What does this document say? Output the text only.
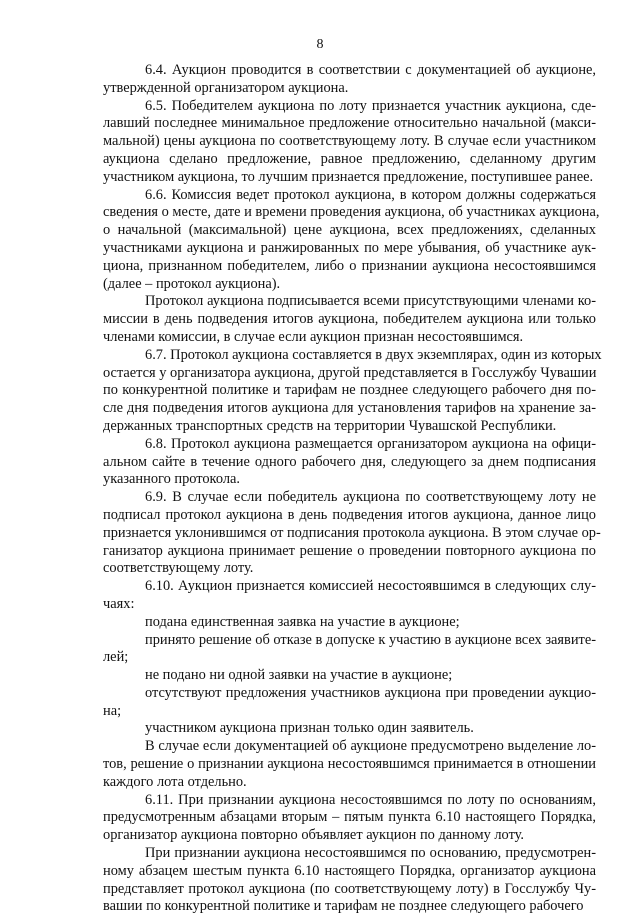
8
6.4. Аукцион проводится в соответствии с документацией об аукционе,
утвержденной организатором аукциона.
6.5. Победителем аукциона по лоту признается участник аукциона, сде-
лавший последнее минимальное предложение относительно начальной (макси-
мальной) цены аукциона по соответствующему лоту. В случае если участником
аукциона сделано предложение, равное предложению, сделанному другим
участником аукциона, то лучшим признается предложение, поступившее ранее.
6.6. Комиссия ведет протокол аукциона, в котором должны содержаться
сведения о месте, дате и времени проведения аукциона, об участниках аукциона,
о начальной (максимальной) цене аукциона, всех предложениях, сделанных
участниками аукциона и ранжированных по мере убывания, об участнике аук-
циона, признанном победителем, либо о признании аукциона несостоявшимся
(далее – протокол аукциона).
Протокол аукциона подписывается всеми присутствующими членами ко-
миссии в день подведения итогов аукциона, победителем аукциона или только
членами комиссии, в случае если аукцион признан несостоявшимся.
6.7. Протокол аукциона составляется в двух экземплярах, один из которых
остается у организатора аукциона, другой представляется в Госслужбу Чувашии
по конкурентной политике и тарифам не позднее следующего рабочего дня по-
сле дня подведения итогов аукциона для установления тарифов на хранение за-
держанных транспортных средств на территории Чувашской Республики.
6.8. Протокол аукциона размещается организатором аукциона на офици-
альном сайте в течение одного рабочего дня, следующего за днем подписания
указанного протокола.
6.9. В случае если победитель аукциона по соответствующему лоту не
подписал протокол аукциона в день подведения итогов аукциона, данное лицо
признается уклонившимся от подписания протокола аукциона. В этом случае ор-
ганизатор аукциона принимает решение о проведении повторного аукциона по
соответствующему лоту.
6.10. Аукцион признается комиссией несостоявшимся в следующих слу-
чаях:
подана единственная заявка на участие в аукционе;
принято решение об отказе в допуске к участию в аукционе всех заявите-
лей;
не подано ни одной заявки на участие в аукционе;
отсутствуют предложения участников аукциона при проведении аукцио-
на;
участником аукциона признан только один заявитель.
В случае если документацией об аукционе предусмотрено выделение ло-
тов, решение о признании аукциона несостоявшимся принимается в отношении
каждого лота отдельно.
6.11. При признании аукциона несостоявшимся по лоту по основаниям,
предусмотренным абзацами вторым – пятым пункта 6.10 настоящего Порядка,
организатор аукциона повторно объявляет аукцион по данному лоту.
При признании аукциона несостоявшимся по основанию, предусмотрен-
ному абзацем шестым пункта 6.10 настоящего Порядка, организатор аукциона
представляет протокол аукциона (по соответствующему лоту) в Госслужбу Чу-
вашии по конкурентной политике и тарифам не позднее следующего рабочего
